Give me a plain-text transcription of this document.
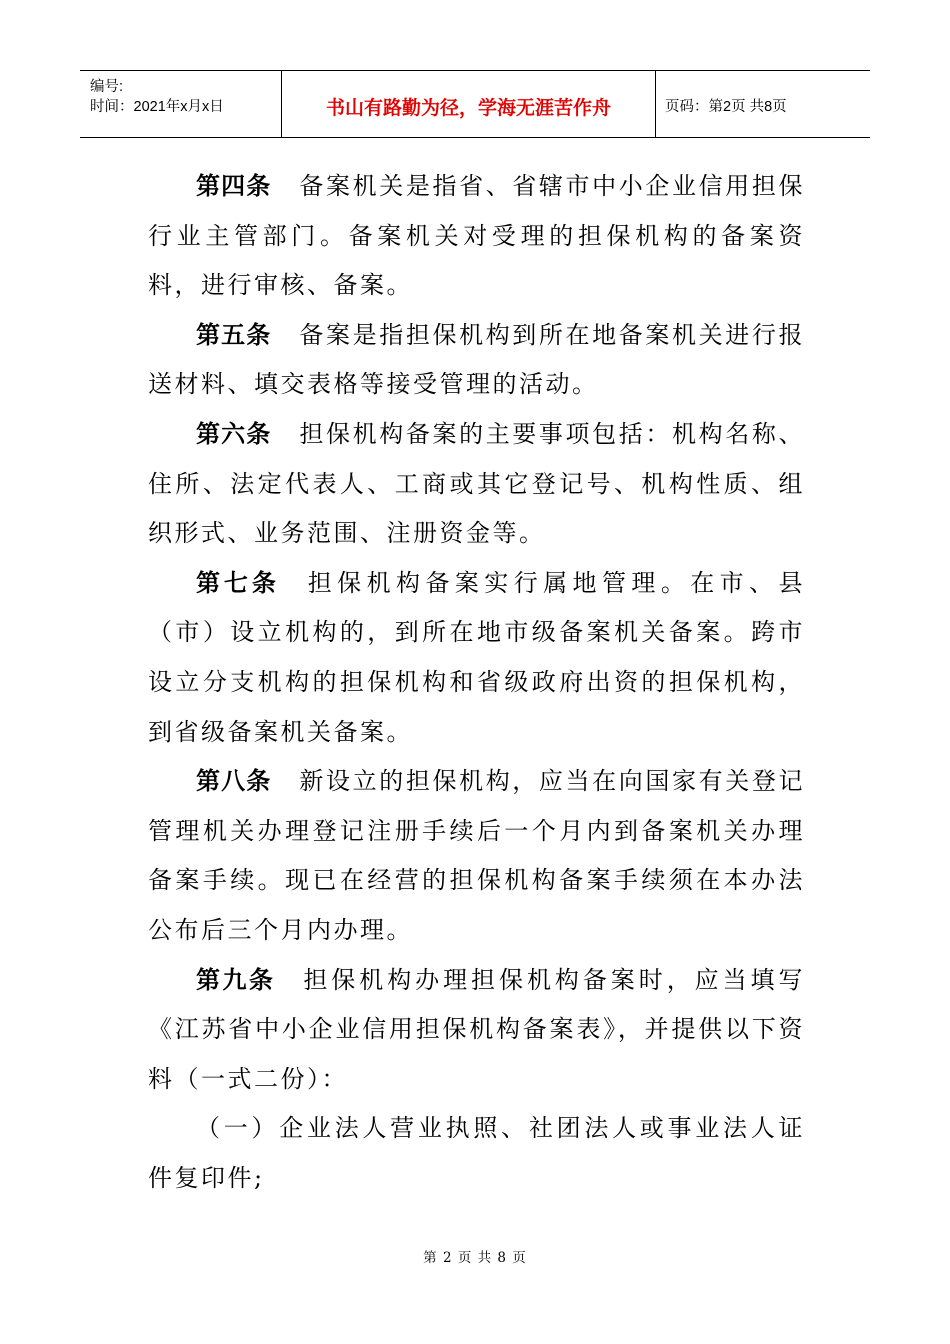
编号:
时间：2021年x月x日	书山有路勤为径，学海无涯苦作舟	页码：第2页 共8页

第四条 备案机关是指省、省辖市中小企业信用担保行业主管部门。备案机关对受理的担保机构的备案资料，进行审核、备案。

第五条 备案是指担保机构到所在地备案机关进行报送材料、填交表格等接受管理的活动。

第六条 担保机构备案的主要事项包括：机构名称、住所、法定代表人、工商或其它登记号、机构性质、组织形式、业务范围、注册资金等。

第七条 担保机构备案实行属地管理。在市、县（市）设立机构的，到所在地市级备案机关备案。跨市设立分支机构的担保机构和省级政府出资的担保机构，到省级备案机关备案。

第八条 新设立的担保机构，应当在向国家有关登记管理机关办理登记注册手续后一个月内到备案机关办理备案手续。现已在经营的担保机构备案手续须在本办法公布后三个月内办理。

第九条 担保机构办理担保机构备案时，应当填写《江苏省中小企业信用担保机构备案表》，并提供以下资料（一式二份）：

（一）企业法人营业执照、社团法人或事业法人证件复印件;

第 2 页 共 8 页
